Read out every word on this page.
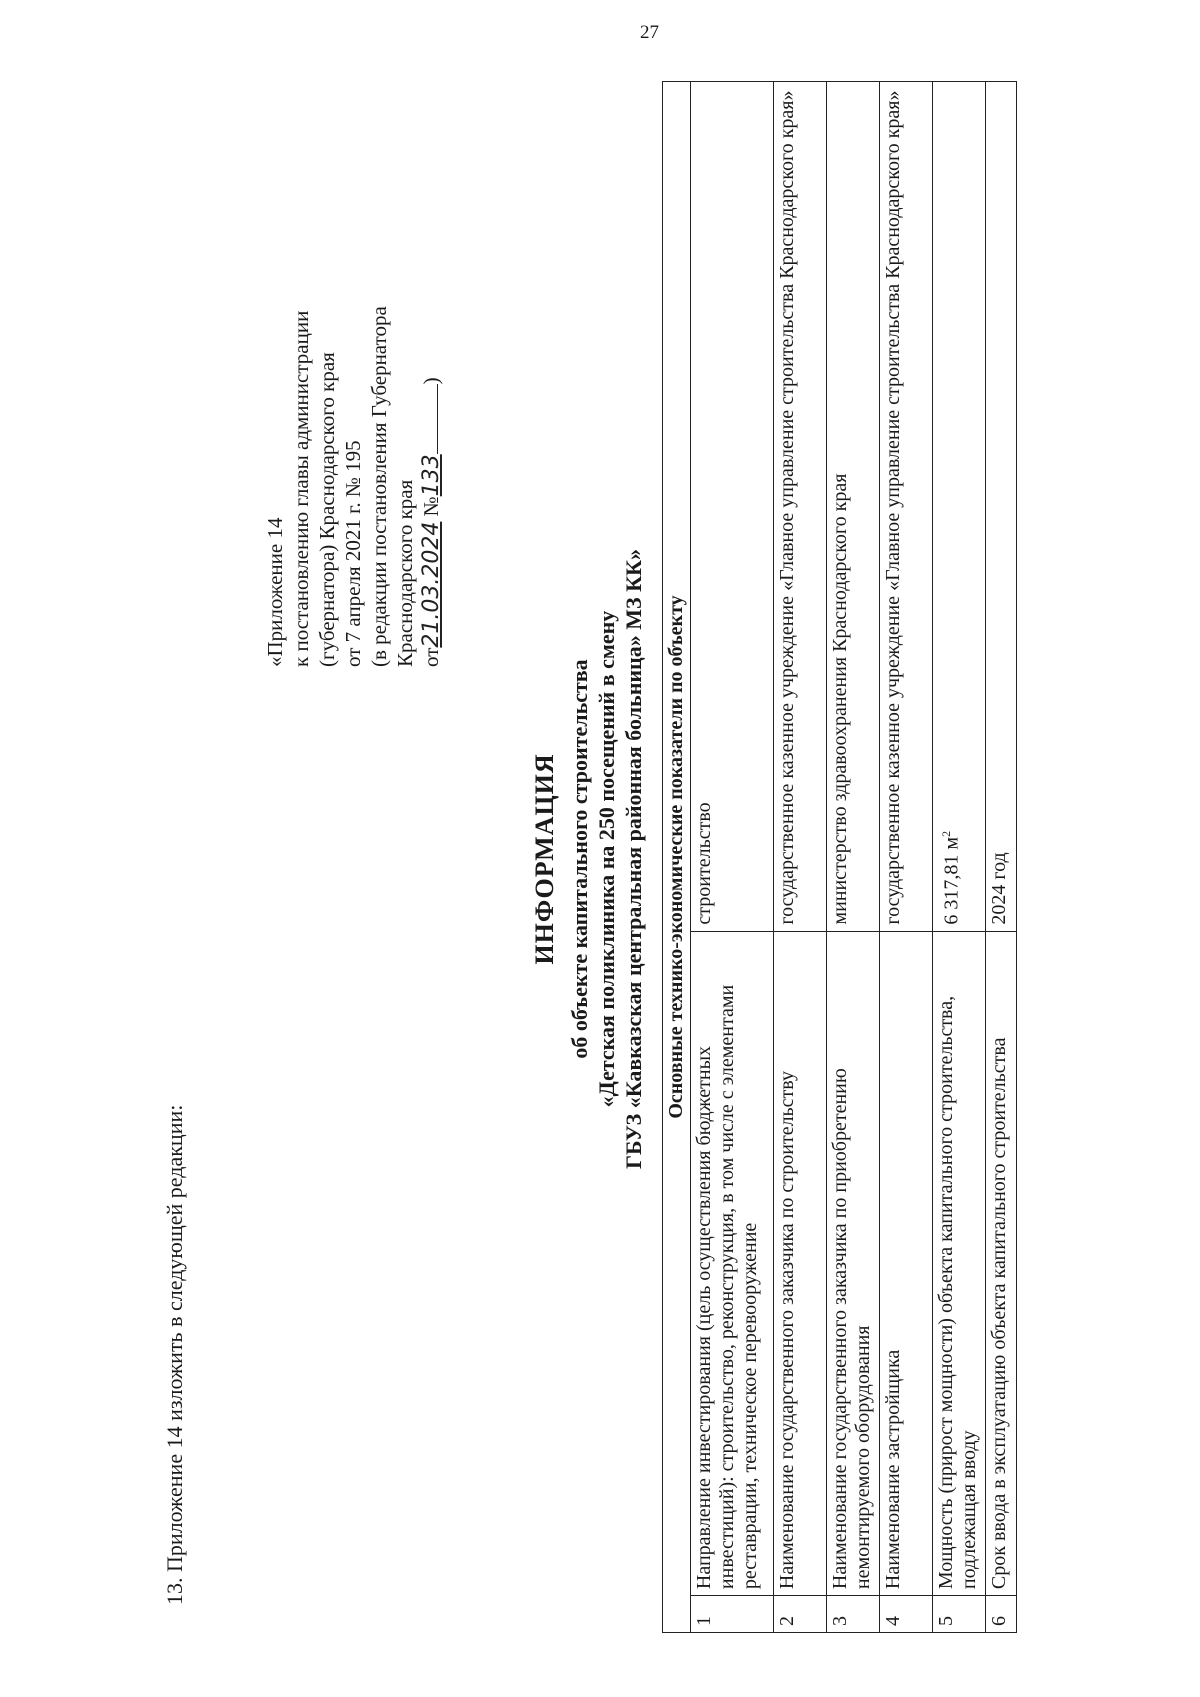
27
13. Приложение 14 изложить в следующей редакции:
«Приложение 14 к постановлению главы администрации (губернатора) Краснодарского края от 7 апреля 2021 г. № 195 (в редакции постановления Губернатора Краснодарского края от21.03.2024 №133)
ИНФОРМАЦИЯ об объекте капитального строительства «Детская поликлиника на 250 посещений в смену ГБУЗ «Кавказская центральная районная больница» МЗ КК» Основные технико-экономические показатели по объекту		
1	Направление инвестирования (цель осуществления бюджетных инвестиций): строительство, реконструкция, в том числе с элементами реставрации, техническое перевооружение	строительство
2	Наименование государственного заказчика по строительству	государственное казенное учреждение «Главное управление строительства Краснодарского края»
3	Наименование государственного заказчика по приобретению немонтируемого оборудования	министерство здравоохранения Краснодарского края
4	Наименование застройщика	государственное казенное учреждение «Главное управление строительства Краснодарского края»
5	Мощность (прирост мощности) объекта капитального строительства, подлежащая вводу	6 317,81 $м^2$
6	Срок ввода в эксплуатацию объекта капитального строительства	2024 год
